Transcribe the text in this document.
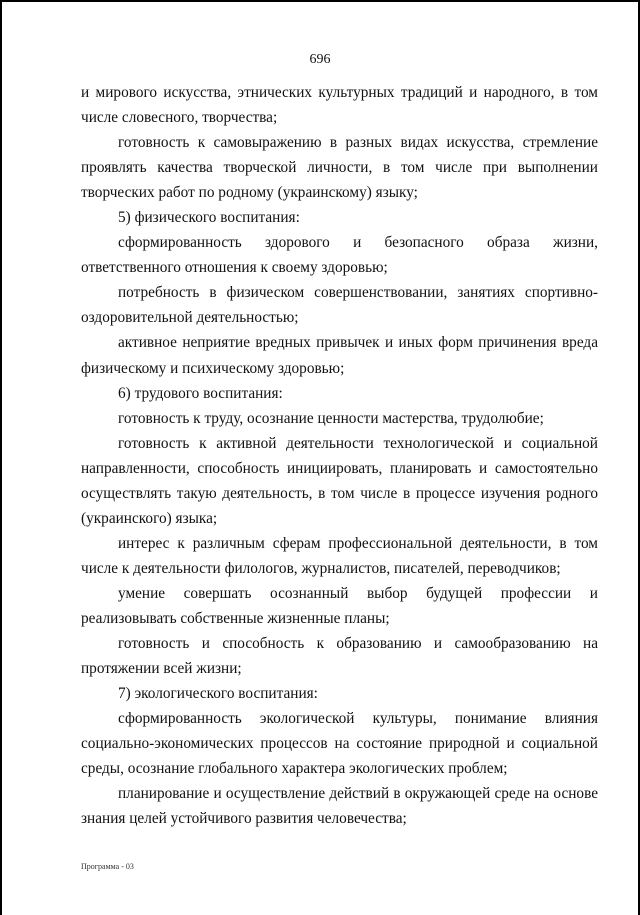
696

и мирового искусства, этнических культурных традиций и народного, в том числе словесного, творчества;

готовность к самовыражению в разных видах искусства, стремление проявлять качества творческой личности, в том числе при выполнении творческих работ по родному (украинскому) языку;

5) физического воспитания:

сформированность здорового и безопасного образа жизни, ответственного отношения к своему здоровью;

потребность в физическом совершенствовании, занятиях спортивно-оздоровительной деятельностью;

активное неприятие вредных привычек и иных форм причинения вреда физическому и психическому здоровью;

6) трудового воспитания:

готовность к труду, осознание ценности мастерства, трудолюбие;

готовность к активной деятельности технологической и социальной направленности, способность инициировать, планировать и самостоятельно осуществлять такую деятельность, в том числе в процессе изучения родного (украинского) языка;

интерес к различным сферам профессиональной деятельности, в том числе к деятельности филологов, журналистов, писателей, переводчиков;

умение совершать осознанный выбор будущей профессии и реализовывать собственные жизненные планы;

готовность и способность к образованию и самообразованию на протяжении всей жизни;

7) экологического воспитания:

сформированность экологической культуры, понимание влияния социально-экономических процессов на состояние природной и социальной среды, осознание глобального характера экологических проблем;

планирование и осуществление действий в окружающей среде на основе знания целей устойчивого развития человечества;

Программа - 03
